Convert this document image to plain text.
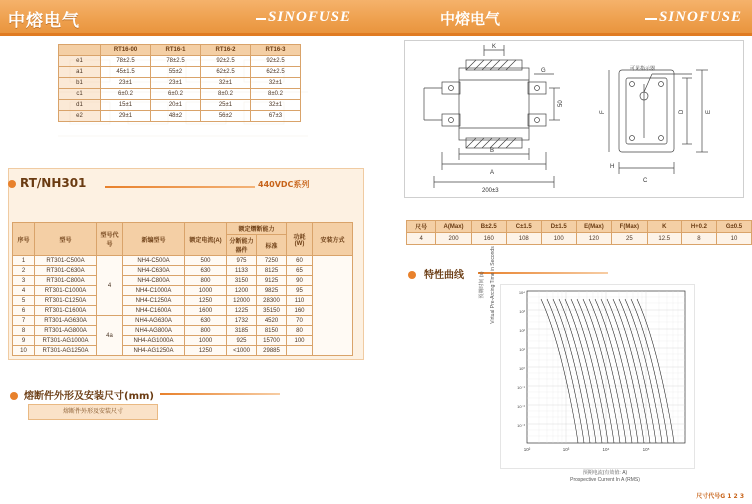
中熔电气	SINOFUSE	中熔电气	SINOFUSE
	RT16-00	RT16-1	RT16-2	RT16-3
e1	78±2.5	78±2.5	92±2.5	92±2.5
a1	45±1.5	55±2	62±2.5	62±2.5
b1	23±1	23±1	32±1	32±1
c1	6±0.2	6±0.2	8±0.2	8±0.2
d1	15±1	20±1	25±1	32±1
e2	29±1	48±2	56±2	67±3
RT/NH301	440VDC系列
序号	型号	型号代号	新编型号	额定电流(A)	额定熸断能力		功耗(W)	安装方式
					分断能力器件	标准		
1	RT301-C500A	4	NH4-C500A	500	975	7250	60	
2	RT301-C630A		NH4-C630A	630	1133	8125	65	
3	RT301-C800A		NH4-C800A	800	3150	9125	90	
4	RT301-C1000A		NH4-C1000A	1000	1200	9825	95	
5	RT301-C1250A		NH4-C1250A	1250	12000	28300	110	
6	RT301-C1600A		NH4-C1600A	1600	1225	35150	160	
7	RT301-AG630A	4a	NH4-AG630A	630	1732	4520	70	
8	RT301-AG800A		NH4-AG800A	800	3185	8150	80	
9	RT301-AG1000A		NH4-AG1000A	1000	925	15700	100	
10	RT301-AG1250A		NH4-AG1250A	1250	<1000	29885		
熔断件外形及安装尺寸(mm)
熔断件外形及安装尺寸
K
G
50
B
A
200±3
C
F	D	E
H
可见指示器
尺号	A(Max)	B±2.5	C±1.5	D±1.5	E(Max)	F(Max)	K	H+0.2	G±0.5
4	200	160	108	100	120	25	12.5	8	10
特性曲线
10⁴
10³
10²
10¹
10⁰
10⁻¹
10⁻²
10⁻³
10²	10³	10⁴	10⁵
预期时间 (s) Virtual Pre-Arcing Time in Seconds
预期电流(有效值: A)
Prospective Current In A (RMS)
尺寸代号G 1 2 3
